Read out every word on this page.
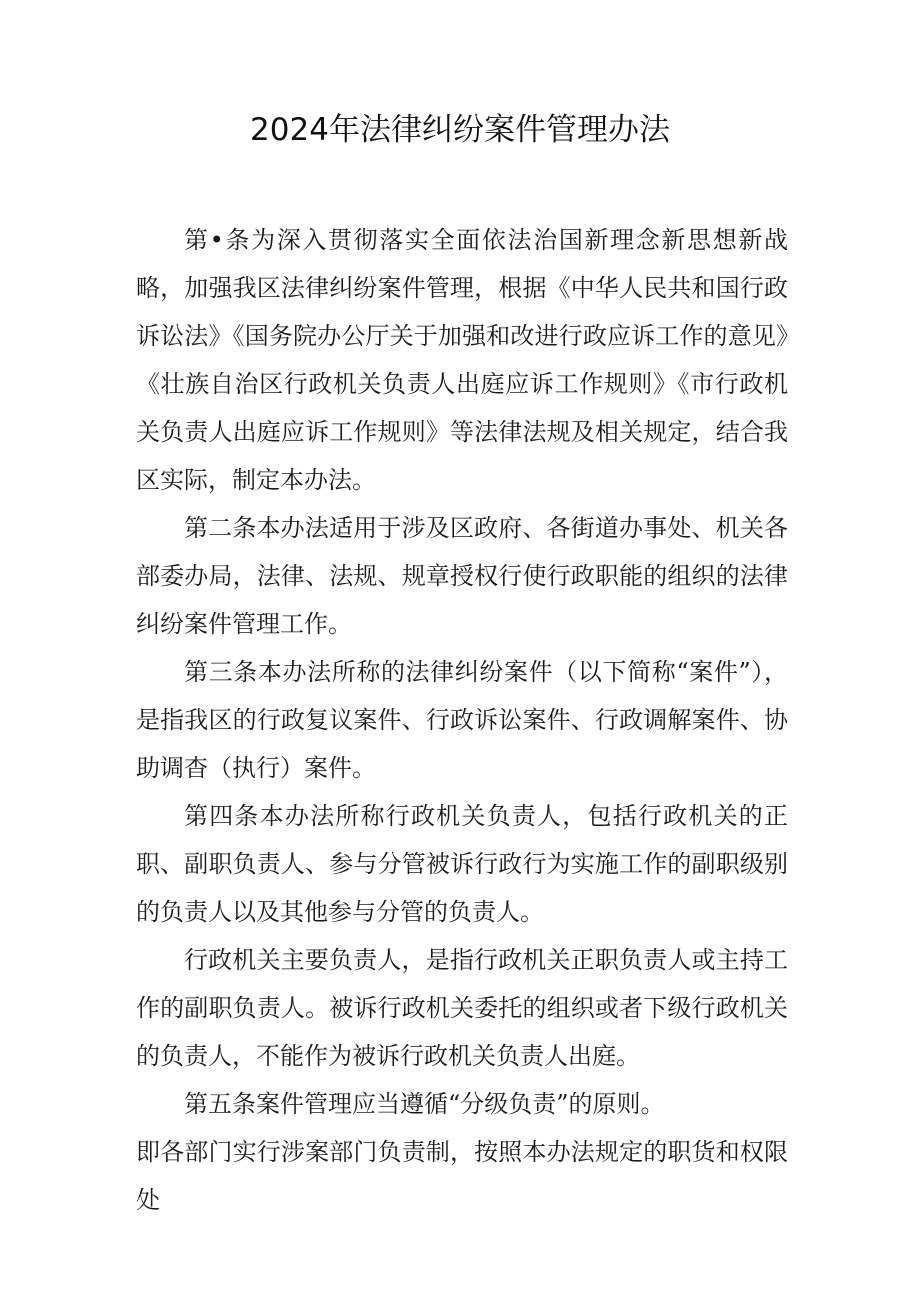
2024年法律纠纷案件管理办法

第•条为深入贯彻落实全面依法治国新理念新思想新战略，加强我区法律纠纷案件管理，根据《中华人民共和国行政诉讼法》《国务院办公厅关于加强和改进行政应诉工作的意见》《壮族自治区行政机关负责人出庭应诉工作规则》《市行政机关负责人出庭应诉工作规则》等法律法规及相关规定，结合我区实际，制定本办法。

第二条本办法适用于涉及区政府、各街道办事处、机关各部委办局，法律、法规、规章授权行使行政职能的组织的法律纠纷案件管理工作。

第三条本办法所称的法律纠纷案件（以下简称“案件”），是指我区的行政复议案件、行政诉讼案件、行政调解案件、协助调杳（执行）案件。

第四条本办法所称行政机关负责人，包括行政机关的正职、副职负责人、参与分管被诉行政行为实施工作的副职级别的负责人以及其他参与分管的负责人。

行政机关主要负责人，是指行政机关正职负责人或主持工作的副职负责人。被诉行政机关委托的组织或者下级行政机关的负责人，不能作为被诉行政机关负责人出庭。

第五条案件管理应当遵循“分级负责”的原则。

即各部门实行涉案部门负责制，按照本办法规定的职货和权限处
